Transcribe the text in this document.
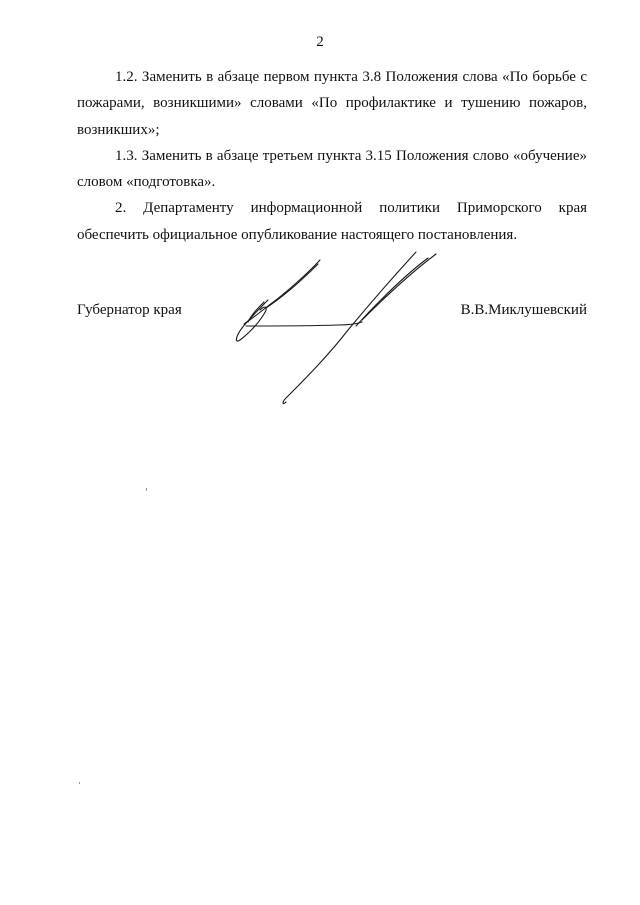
2

1.2. Заменить в абзаце первом пункта 3.8 Положения слова «По борьбе с пожарами, возникшими» словами «По профилактике и тушению пожаров, возникших»;

1.3. Заменить в абзаце третьем пункта 3.15 Положения слово «обучение» словом «подготовка».

2. Департаменту информационной политики Приморского края обеспечить официальное опубликование настоящего постановления.

Губернатор края	В.В.Миклушевский
